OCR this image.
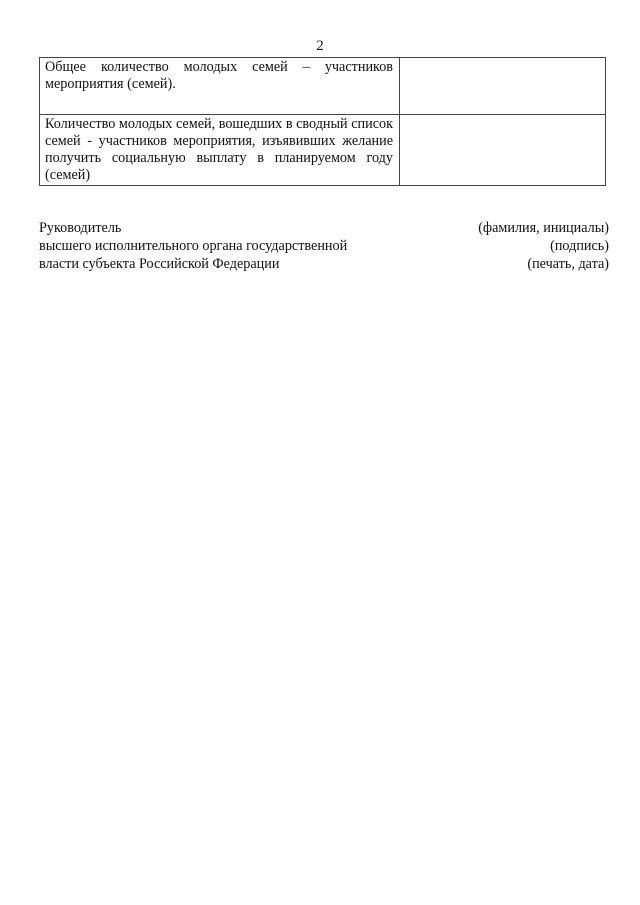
2
Общее количество молодых семей – участников мероприятия (семей).	
Количество молодых семей, вошедших в сводный список семей - участников мероприятия, изъявивших желание получить социальную выплату в планируемом году (семей)	
Руководитель	(фамилия, инициалы)
высшего исполнительного органа государственной	(подпись)
власти субъекта Российской Федерации	(печать, дата)
